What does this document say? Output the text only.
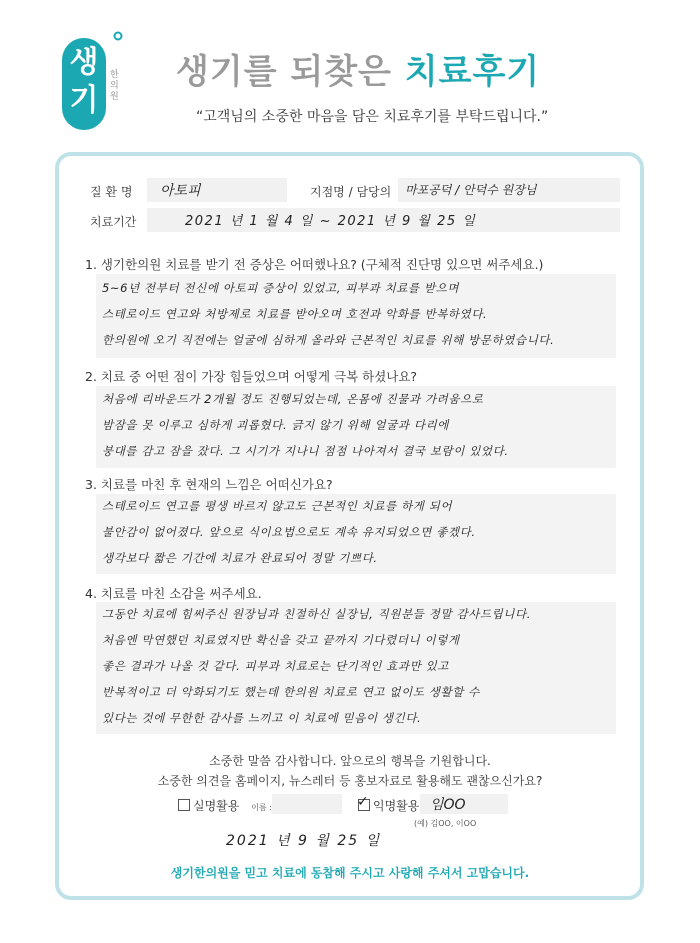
생기
한의원
생기를 되찾은 치료후기
“고객님의 소중한 마음을 담은 치료후기를 부탁드립니다.”
질 환 명 아토피	지점명 / 담당의 마포공덕 / 안덕수 원장님
치료기간	2021 년 1 월 4 일 ~ 2021 년 9 월 25 일
1. 생기한의원 치료를 받기 전 증상은 어떠했나요? (구체적 진단명 있으면 써주세요.)
5~6년 전부터 전신에 아토피 증상이 있었고, 피부과 치료를 받으며
스테로이드 연고와 처방제로 치료를 받아오며 호전과 악화를 반복하였다.
한의원에 오기 직전에는 얼굴에 심하게 올라와 근본적인 치료를 위해 방문하였습니다.
2. 치료 중 어떤 점이 가장 힘들었으며 어떻게 극복 하셨나요?
처음에 리바운드가 2개월 정도 진행되었는데, 온몸에 진물과 가려움으로
밤잠을 못 이루고 심하게 괴롭혔다. 긁지 않기 위해 얼굴과 다리에
붕대를 감고 잠을 잤다. 그 시기가 지나니 점점 나아져서 결국 보람이 있었다.
3. 치료를 마친 후 현재의 느낌은 어떠신가요?
스테로이드 연고를 평생 바르지 않고도 근본적인 치료를 하게 되어
불안감이 없어졌다. 앞으로 식이요법으로도 계속 유지되었으면 좋겠다.
생각보다 짧은 기간에 치료가 완료되어 정말 기쁘다.
4. 치료를 마친 소감을 써주세요.
그동안 치료에 힘써주신 원장님과 친절하신 실장님, 직원분들 정말 감사드립니다.
처음엔 막연했던 치료였지만 확신을 갖고 끝까지 기다렸더니 이렇게
좋은 결과가 나올 것 같다. 피부과 치료로는 단기적인 효과만 있고
반복적이고 더 악화되기도 했는데 한의원 치료로 연고 없이도 생활할 수
있다는 것에 무한한 감사를 느끼고 이 치료에 믿음이 생긴다.
소중한 말씀 감사합니다. 앞으로의 행복을 기원합니다.
소중한 의견을 홈페이지, 뉴스레터 등 홍보자료로 활용해도 괜찮으신가요?
실명활용 이름 :	✓ 익명활용 임OO
(예) 김OO, 이OO
2021 년 9 월 25 일
생기한의원을 믿고 치료에 동참해 주시고 사랑해 주셔서 고맙습니다.
